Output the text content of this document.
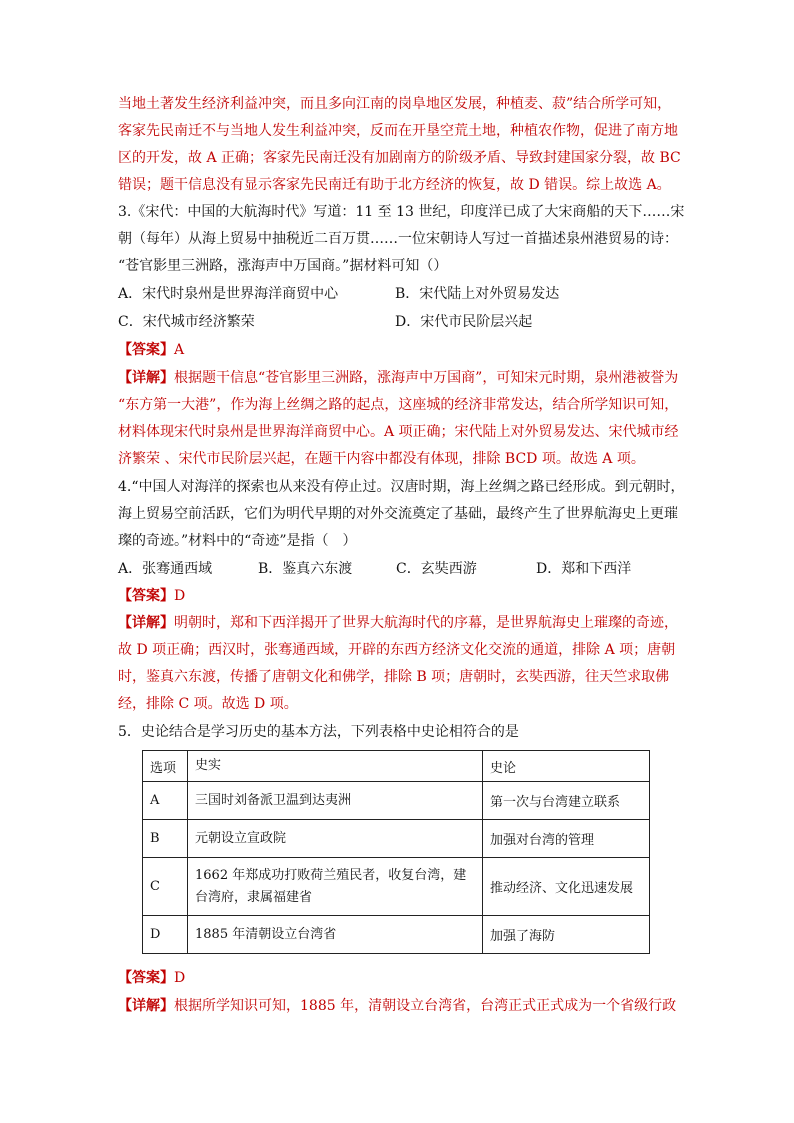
当地土著发生经济利益冲突，而且多向江南的岗阜地区发展，种植麦、菽”结合所学可知，
客家先民南迁不与当地人发生利益冲突，反而在开垦空荒土地，种植农作物，促进了南方地
区的开发，故 A 正确；客家先民南迁没有加剧南方的阶级矛盾、导致封建国家分裂，故 BC
错误；题干信息没有显示客家先民南迁有助于北方经济的恢复，故 D 错误。综上故选 A。
3.《宋代：中国的大航海时代》写道：11 至 13 世纪，印度洋已成了大宋商船的天下……宋
朝（每年）从海上贸易中抽税近二百万贯……一位宋朝诗人写过一首描述泉州港贸易的诗：
“苍官影里三洲路，涨海声中万国商。”据材料可知（）
A．宋代时泉州是世界海洋商贸中心	B．宋代陆上对外贸易发达
C．宋代城市经济繁荣	D．宋代市民阶层兴起
【答案】A
【详解】根据题干信息“苍官影里三洲路，涨海声中万国商”，可知宋元时期，泉州港被誉为
“东方第一大港”，作为海上丝绸之路的起点，这座城的经济非常发达，结合所学知识可知，
材料体现宋代时泉州是世界海洋商贸中心。A 项正确；宋代陆上对外贸易发达、宋代城市经
济繁荣 、宋代市民阶层兴起，在题干内容中都没有体现，排除 BCD 项。故选 A 项。
4.“中国人对海洋的探索也从来没有停止过。汉唐时期，海上丝绸之路已经形成。到元朝时，
海上贸易空前活跃，它们为明代早期的对外交流奠定了基础，最终产生了世界航海史上更璀
璨的奇迹。”材料中的“奇迹”是指（　）
A．张骞通西域	B．鉴真六东渡	C．玄奘西游	D．郑和下西洋
【答案】D
【详解】明朝时，郑和下西洋揭开了世界大航海时代的序幕，是世界航海史上璀璨的奇迹，
故 D 项正确；西汉时，张骞通西域，开辟的东西方经济文化交流的通道，排除 A 项；唐朝
时，鉴真六东渡，传播了唐朝文化和佛学，排除 B 项；唐朝时，玄奘西游，往天竺求取佛
经，排除 C 项。故选 D 项。
5．史论结合是学习历史的基本方法，下列表格中史论相符合的是
选项	史实	史论
A	三国时刘备派卫温到达夷洲	第一次与台湾建立联系
B	元朝设立宣政院	加强对台湾的管理
C	1662 年郑成功打败荷兰殖民者，收复台湾，建台湾府，隶属福建省	推动经济、文化迅速发展
D	1885 年清朝设立台湾省	加强了海防
【答案】D
【详解】根据所学知识可知，1885 年，清朝设立台湾省，台湾正式正式成为一个省级行政
